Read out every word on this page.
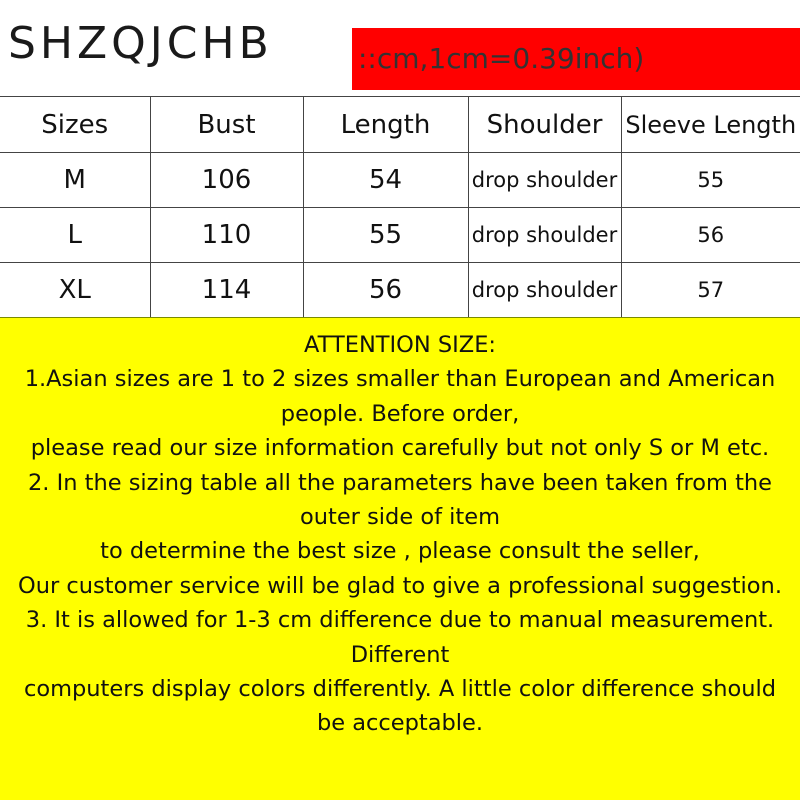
SHZQJCHB	::cm,1cm=0.39inch)
Sizes	Bust	Length	Shoulder	Sleeve Length
M	106	54	drop shoulder	55
L	110	55	drop shoulder	56
XL	114	56	drop shoulder	57

ATTENTION SIZE:

1.Asian sizes are 1 to 2 sizes smaller than European and American people. Before order,

please read our size information carefully but not only S or M etc.

2. In the sizing table all the parameters have been taken from the outer side of item

to determine the best size , please consult the seller,

Our customer service will be glad to give a professional suggestion.

3. It is allowed for 1-3 cm difference due to manual measurement. Different

computers display colors differently. A little color difference should be acceptable.
